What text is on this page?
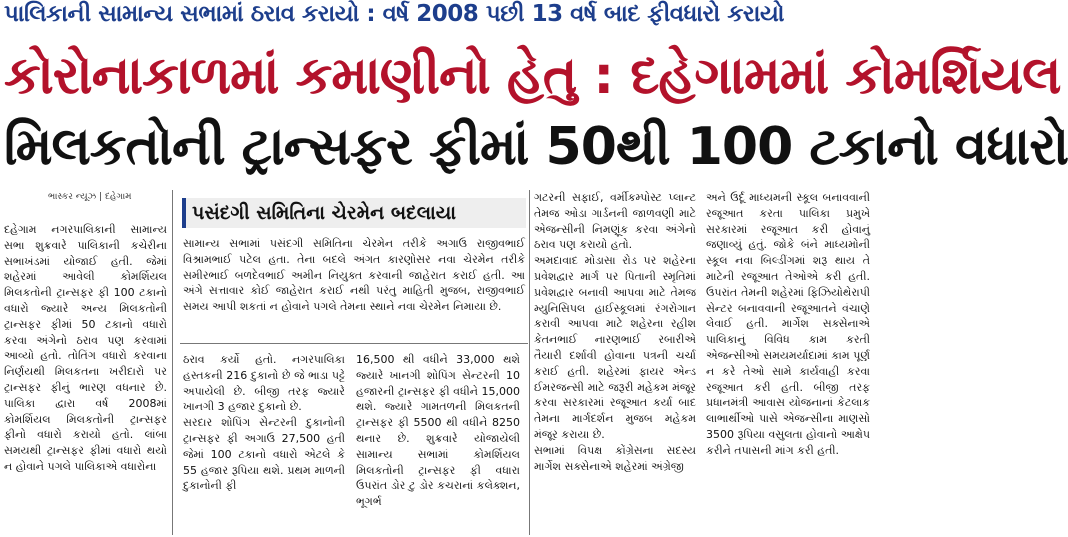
પાલિકાની સામાન્ય સભામાં ઠરાવ કરાયો : વર્ષ 2008 પછી 13 વર્ષ બાદ ફીવધારો કરાયો
કોરોનાકાળમાં કમાણીનો હેતુ : દહેગામમાં કોમર્શિયલ
મિલકતોની ટ્રાન્સફર ફીમાં 50થી 100 ટકાનો વધારો
ભાસ્કર ન્યૂઝ | દહેગામ
દહેગામ નગરપાલિકાની સામાન્ય સભા શુક્રવારે પાલિકાની કચેરીના સભાખંડમાં યોજાઈ હતી. જેમાં શહેરમાં આવેલી કોમર્શિયલ મિલકતોની ટ્રાન્સફર ફી 100 ટકાનો વધારો જ્યારે અન્ય મિલકતોની ટ્રાન્સફર ફીમાં 50 ટકાનો વધારો કરવા અંગેનો ઠરાવ પણ કરવામાં આવ્યો હતો. તોતિંગ વધારો કરવાના નિર્ણયથી મિલકતના ખરીદારો પર ટ્રાન્સફર ફીનું ભારણ વધનાર છે. પાલિકા દ્વારા વર્ષ 2008માં કોમર્શિયલ મિલકતોની ટ્રાન્સફર ફીનો વધારો કરાયો હતો. લાંબા સમયથી ટ્રાન્સફર ફીમાં વધારો થયો ન હોવાને પગલે પાલિકાએ વધારોના
પસંદગી સમિતિના ચેરમેન બદલાયા
સામાન્ય સભામાં પસંદગી સમિતિના ચેરમેન તરીકે અગાઉ રાજીવભાઈ વિશ્રામભાઈ પટેલ હતા. તેના બદલે અંગત કારણોસર નવા ચેરમેન તરીકે સમીરભાઈ બળદેવભાઈ અમીન નિયુક્ત કરવાની જાહેરાત કરાઈ હતી. આ અંગે સત્તાવાર કોઈ જાહેરાત કરાઈ નથી પરંતુ માહિતી મુજબ, રાજીવભાઈ સમય આપી શકતાં ન હોવાને પગલે તેમના સ્થાને નવા ચેરમેન નિમાયા છે.
ઠરાવ કર્યો હતો. નગરપાલિકા હસ્તકની 216 દુકાનો છે જે ભાડા પટ્ટે અપાયેલી છે. બીજી તરફ જ્યારે ખાનગી 3 હજાર દુકાનો છે.
સરદાર શોપિંગ સેન્ટરની દુકાનોની ટ્રાન્સફર ફી અગાઉ 27,500 હતી જેમાં 100 ટકાનો વધારો એટલે કે 55 હજાર રૂપિયા થશે. પ્રથમ માળની દુકાનોની ફી
16,500 થી વધીને 33,000 થશે જ્યારે ખાનગી શોપિંગ સેન્ટરની 10 હજારની ટ્રાન્સફર ફી વધીને 15,000 થશે. જ્યારે ગામતળની મિલકતની ટ્રાન્સફર ફી 5500 થી વધીને 8250 થનાર છે. શુક્રવારે યોજાયેલી સામાન્ય સભામાં કોમર્શિયલ મિલકતોની ટ્રાન્સફર ફી વધારા ઉપરાંત ડોર ટુ ડોર કચરાનાં કલેક્શન, ભૂગર્ભ
ગટરની સફાઈ, વર્મીકમ્પોસ્ટ પ્લાન્ટ તેમજ ઓડા ગાર્ડનની જાળવણી માટે એજન્સીની નિમણૂંક કરવા અંગેનો ઠરાવ પણ કરાયો હતો.
અમદાવાદ મોડાસા રોડ પર શહેરના પ્રવેશદ્વાર માર્ગ પર પિતાની સ્મૃતિમાં પ્રવેશદ્વાર બનાવી આપવા માટે તેમજ મ્યુનિસિપલ હાઈસ્કૂલમાં રંગરોગાન કરાવી આપવા માટે શહેરના રહીશ કેતનભાઈ નારણભાઈ રબારીએ તૈયારી દર્શાવી હોવાના પત્રની ચર્ચા કરાઈ હતી. શહેરમાં ફાયર એન્ડ ઈમરજન્સી માટે જરૂરી મહેકમ મંજૂર કરવા સરકારમાં રજૂઆત કર્યા બાદ તેમના માર્ગદર્શન મુજબ મહેકમ મંજૂર કરાયા છે.
સભામાં વિપક્ષ કોંગ્રેસના સદસ્ય માર્ગેશ સક્સેનાએ શહેરમાં અંગ્રેજી
અને ઉર્દૂ માધ્યમની સ્કૂલ બનાવવાની રજૂઆત કરતા પાલિકા પ્રમુખે સરકારમાં રજૂઆત કરી હોવાનું જણાવ્યું હતું. જોકે બંને માધ્યમોની સ્કૂલ નવા બિલ્ડીંગમાં શરૂ થાય તે માટેની રજૂઆત તેઓએ કરી હતી. ઉપરાંત તેમની શહેરમાં ફિઝિયોથેરાપી સેન્ટર બનાવવાની રજૂઆતને વંચાણે લેવાઈ હતી. માર્ગેશ સક્સેનાએ પાલિકાનું વિવિધ કામ કરતી એજન્સીઓ સમયમર્યાદામાં કામ પૂર્ણ ન કરે તેઓ સામે કાર્યવાહી કરવા રજૂઆત કરી હતી. બીજી તરફ પ્રધાનમંત્રી આવાસ યોજનાનાં કેટલાક લાભાર્થીઓ પાસે એજન્સીના માણસો 3500 રૂપિયા વસુલતા હોવાનો આક્ષેપ કરીને તપાસની માંગ કરી હતી.
